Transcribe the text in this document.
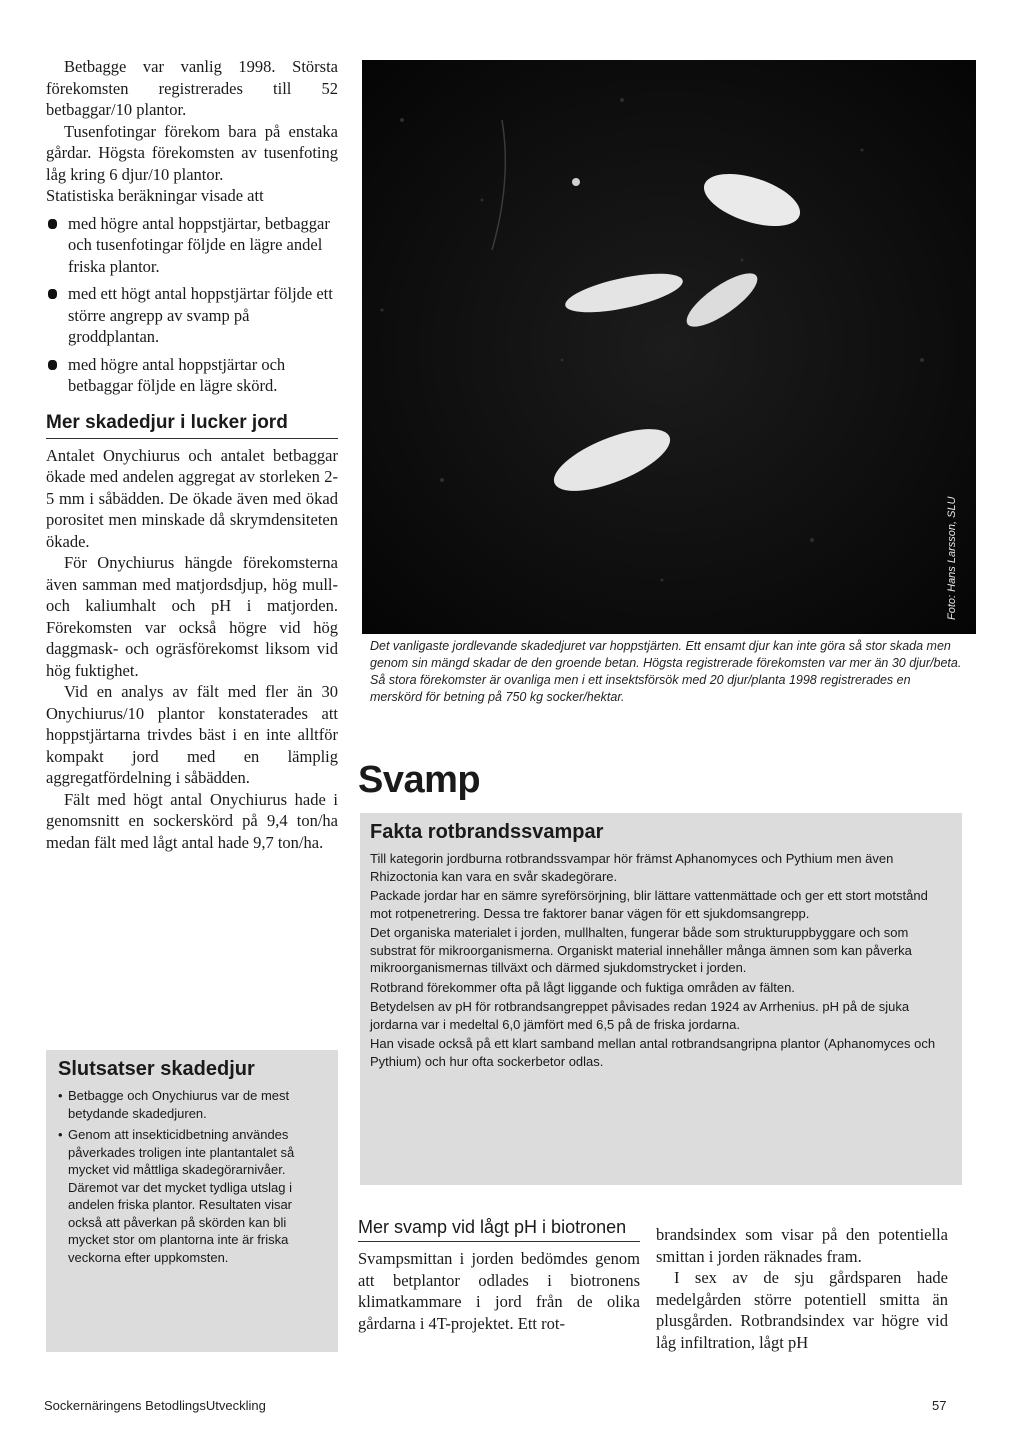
Betbagge var vanlig 1998. Största förekomsten registrerades till 52 betbaggar/10 plantor.

Tusenfotingar förekom bara på enstaka gårdar. Högsta förekomsten av tusenfoting låg kring 6 djur/10 plantor.

Statistiska beräkningar visade att

med högre antal hoppstjärtar, betbaggar och tusenfotingar följde en lägre andel friska plantor.
med ett högt antal hoppstjärtar följde ett större angrepp av svamp på groddplantan.
med högre antal hoppstjärtar och betbaggar följde en lägre skörd.
Mer skadedjur i lucker jord

Antalet Onychiurus och antalet betbaggar ökade med andelen aggregat av storleken 2-5 mm i såbädden. De ökade även med ökad porositet men minskade då skrymdensiteten ökade.

För Onychiurus hängde förekomsterna även samman med matjordsdjup, hög mull- och kaliumhalt och pH i matjorden. Förekomsten var också högre vid hög daggmask- och ogräsförekomst liksom vid hög fuktighet.

Vid en analys av fält med fler än 30 Onychiurus/10 plantor konstaterades att hoppstjärtarna trivdes bäst i en inte alltför kompakt jord med en lämplig aggregatfördelning i såbädden.

Fält med högt antal Onychiurus hade i genomsnitt en sockerskörd på 9,4 ton/ha medan fält med lågt antal hade 9,7 ton/ha.

Foto: Hans Larsson, SLU

Det vanligaste jordlevande skadedjuret var hoppstjärten. Ett ensamt djur kan inte göra så stor skada men genom sin mängd skadar de den groende betan. Högsta registrerade förekomsten var mer än 30 djur/beta. Så stora förekomster är ovanliga men i ett insektsförsök med 20 djur/planta 1998 registrerades en merskörd för betning på 750 kg socker/hektar.

Svamp
Fakta rotbrandssvampar

Till kategorin jordburna rotbrandssvampar hör främst Aphanomyces och Pythium men även Rhizoctonia kan vara en svår skadegörare.

Packade jordar har en sämre syreförsörjning, blir lättare vattenmättade och ger ett stort motstånd mot rotpenetrering. Dessa tre faktorer banar vägen för ett sjukdomsangrepp.

Det organiska materialet i jorden, mullhalten, fungerar både som strukturuppbyggare och som substrat för mikroorganismerna. Organiskt material innehåller många ämnen som kan påverka mikroorganismernas tillväxt och därmed sjukdomstrycket i jorden.

Rotbrand förekommer ofta på lågt liggande och fuktiga områden av fälten.

Betydelsen av pH för rotbrandsangreppet påvisades redan 1924 av Arrhenius. pH på de sjuka jordarna var i medeltal 6,0 jämfört med 6,5 på de friska jordarna.

Han visade också på ett klart samband mellan antal rotbrandsangripna plantor (Aphanomyces och Pythium) och hur ofta sockerbetor odlas.

Slutsatser skadedjur

• Betbagge och Onychiurus var de mest betydande skadedjuren.

• Genom att insekticidbetning användes påverkades troligen inte plantantalet så mycket vid måttliga skadegörarnivåer. Däremot var det mycket tydliga utslag i andelen friska plantor. Resultaten visar också att påverkan på skörden kan bli mycket stor om plantorna inte är friska veckorna efter uppkomsten.

Mer svamp vid lågt pH i biotronen

Svampsmittan i jorden bedömdes genom att betplantor odlades i biotronens klimatkammare i jord från de olika gårdarna i 4T-projektet. Ett rot-

brandsindex som visar på den potentiella smittan i jorden räknades fram.

I sex av de sju gårdsparen hade medelgården större potentiell smitta än plusgården. Rotbrandsindex var högre vid låg infiltration, lågt pH

Sockernäringens BetodlingsUtveckling	57
